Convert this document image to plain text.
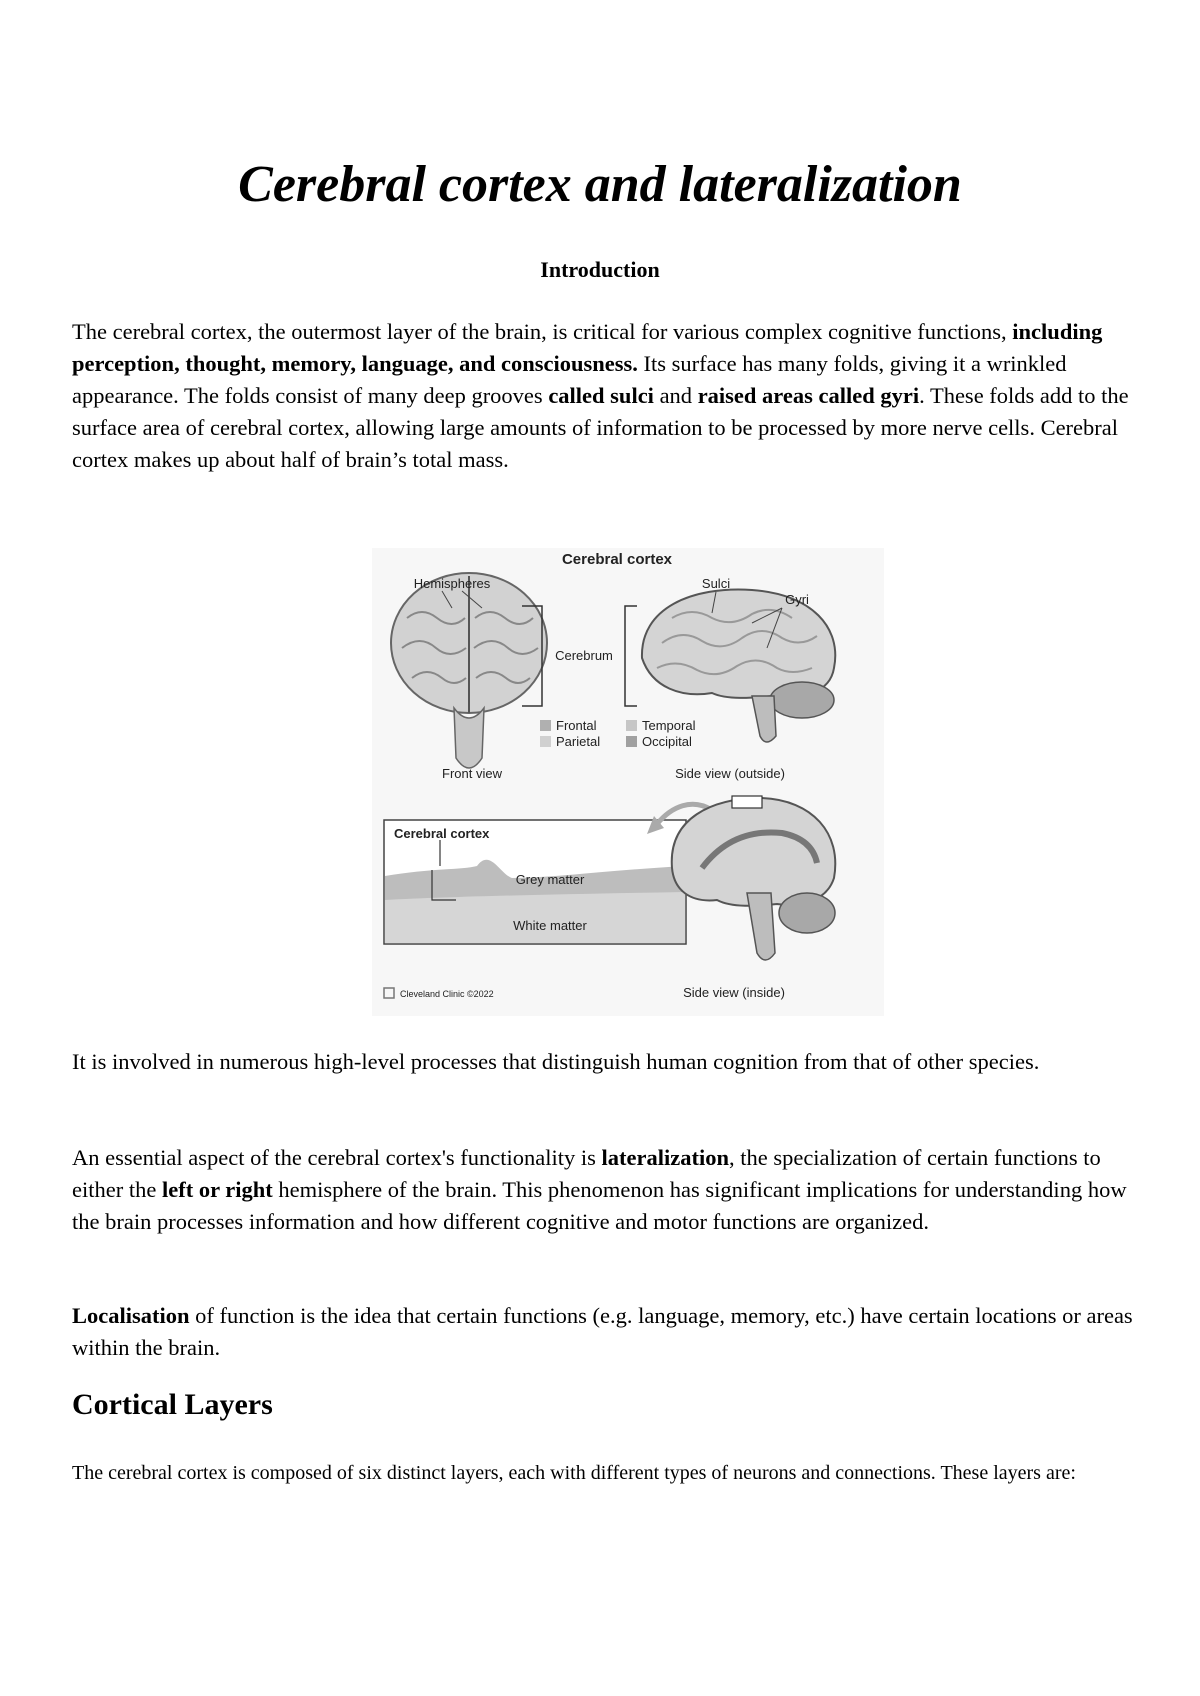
Cerebral cortex and lateralization
Introduction

The cerebral cortex, the outermost layer of the brain, is critical for various complex cognitive functions, including perception, thought, memory, language, and consciousness. Its surface has many folds, giving it a wrinkled appearance. The folds consist of many deep grooves called sulci and raised areas called gyri. These folds add to the surface area of cerebral cortex, allowing large amounts of information to be processed by more nerve cells. Cerebral cortex makes up about half of brain’s total mass.

Cerebral cortex
Hemispheres
Cerebrum
Sulci
Gyri
Frontal	Temporal
Parietal	Occipital
Front view	Side view (outside)
Cerebral cortex
Grey matter
White matter
Cleveland Clinic ©2022	Side view (inside)

It is involved in numerous high-level processes that distinguish human cognition from that of other species.

An essential aspect of the cerebral cortex's functionality is lateralization, the specialization of certain functions to either the left or right hemisphere of the brain. This phenomenon has significant implications for understanding how the brain processes information and how different cognitive and motor functions are organized.

Localisation of function is the idea that certain functions (e.g. language, memory, etc.) have certain locations or areas within the brain.

Cortical Layers

The cerebral cortex is composed of six distinct layers, each with different types of neurons and connections. These layers are:
